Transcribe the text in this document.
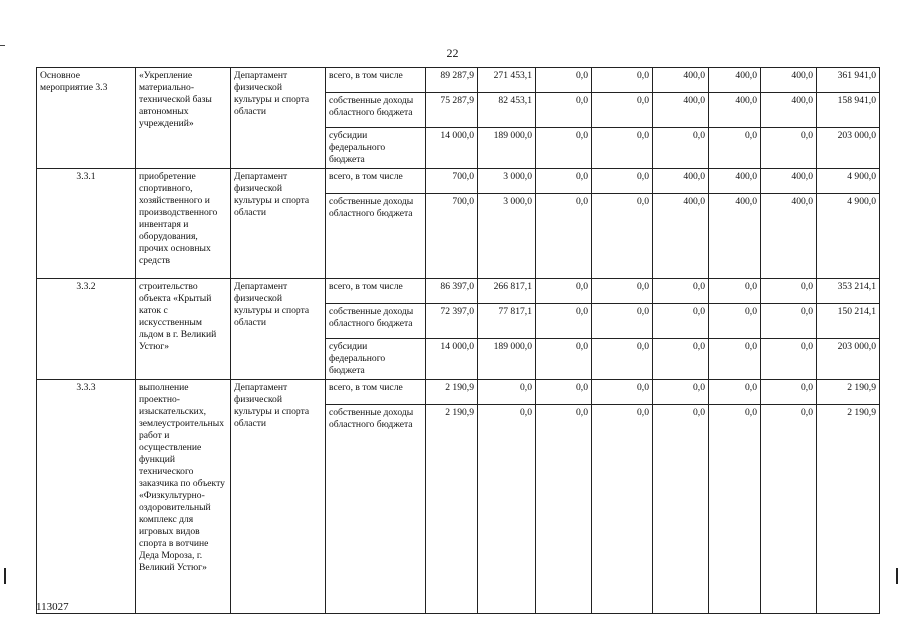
22
Основное мероприятие 3.3	«Укрепление материально-технической базы автономных учреждений»	Департамент физической культуры и спорта области	всего, в том числе	89 287,9	271 453,1	0,0	0,0	400,0	400,0	400,0	361 941,0
			собственные доходы областного бюджета	75 287,9	82 453,1	0,0	0,0	400,0	400,0	400,0	158 941,0
			субсидии федерального бюджета	14 000,0	189 000,0	0,0	0,0	0,0	0,0	0,0	203 000,0
3.3.1	приобретение спортивного, хозяйственного и производственного инвентаря и оборудования, прочих основных средств	Департамент физической культуры и спорта области	всего, в том числе	700,0	3 000,0	0,0	0,0	400,0	400,0	400,0	4 900,0
			собственные доходы областного бюджета	700,0	3 000,0	0,0	0,0	400,0	400,0	400,0	4 900,0
3.3.2	строительство объекта «Крытый каток с искусственным льдом в г. Великий Устюг»	Департамент физической культуры и спорта области	всего, в том числе	86 397,0	266 817,1	0,0	0,0	0,0	0,0	0,0	353 214,1
			собственные доходы областного бюджета	72 397,0	77 817,1	0,0	0,0	0,0	0,0	0,0	150 214,1
			субсидии федерального бюджета	14 000,0	189 000,0	0,0	0,0	0,0	0,0	0,0	203 000,0
3.3.3	выполнение проектно-изыскательских, землеустроительных работ и осуществление функций технического заказчика по объекту «Физкультурно-оздоровительный комплекс для игровых видов спорта в вотчине Деда Мороза, г. Великий Устюг»	Департамент физической культуры и спорта области	всего, в том числе	2 190,9	0,0	0,0	0,0	0,0	0,0	0,0	2 190,9
			собственные доходы областного бюджета	2 190,9	0,0	0,0	0,0	0,0	0,0	0,0	2 190,9
113027
